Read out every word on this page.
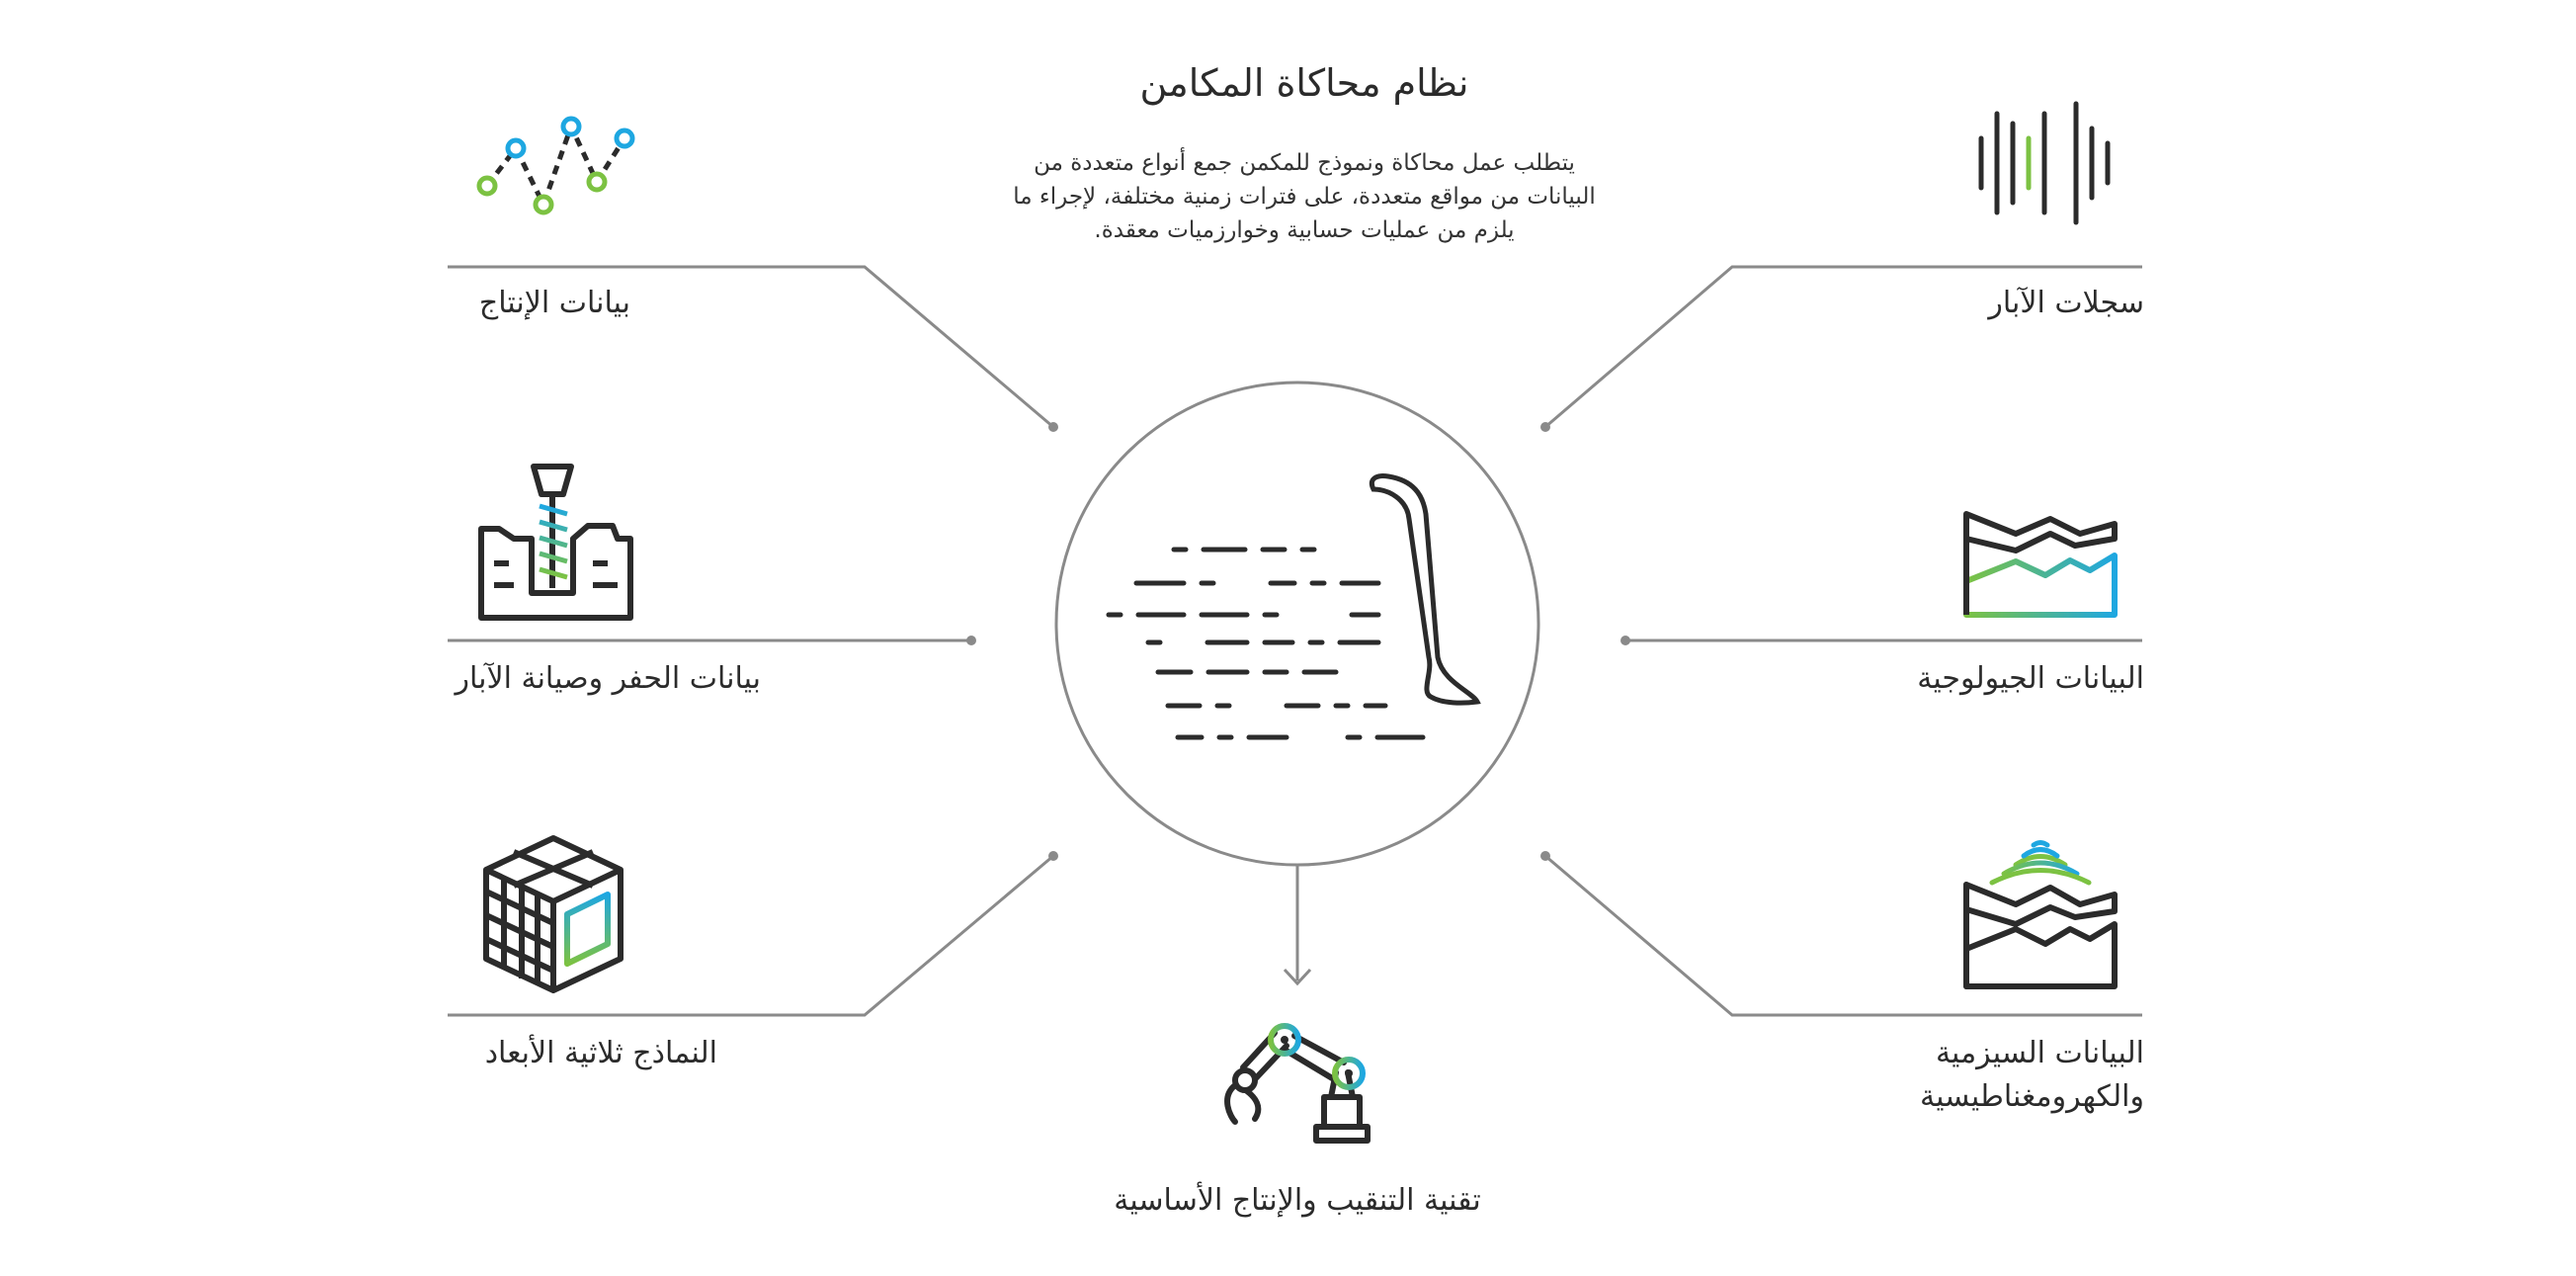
نظام محاكاة المكامن
يتطلب عمل محاكاة ونموذج للمكمن جمع أنواع متعددة من
البيانات من مواقع متعددة، على فترات زمنية مختلفة، لإجراء ما
يلزم من عمليات حسابية وخوارزميات معقدة.
بيانات الإنتاج
بيانات الحفر وصيانة الآبار
النماذج ثلاثية الأبعاد
سجلات الآبار
البيانات الجيولوجية
البيانات السيزمية
والكهرومغناطيسية
تقنية التنقيب والإنتاج الأساسية
